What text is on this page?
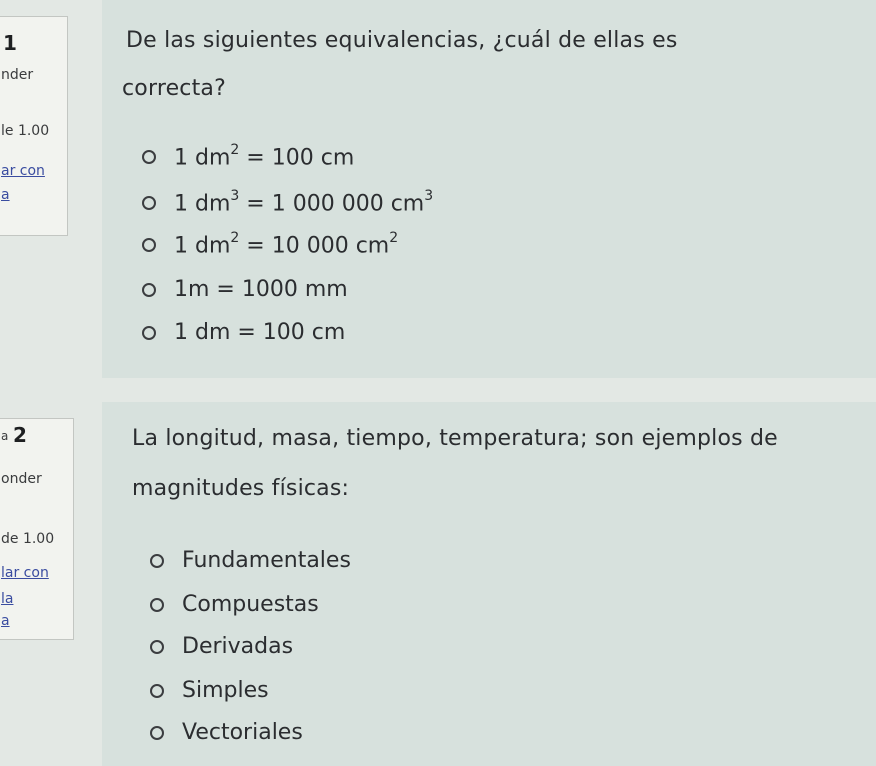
1
nder
le 1.00
ar con
a
De las siguientes equivalencias, ¿cuál de ellas es
correcta?
1 $dm^2 = 100$ cm
1 $dm^3 = 1$ 000 000 $cm^3$
1 $dm^2 = 10$ 000 $cm^2$
1m = 1000 mm
1 dm = 100 cm
a 2
onder
de 1.00
lar con
la
a
La longitud, masa, tiempo, temperatura; son ejemplos de
magnitudes físicas:
Fundamentales
Compuestas
Derivadas
Simples
Vectoriales
